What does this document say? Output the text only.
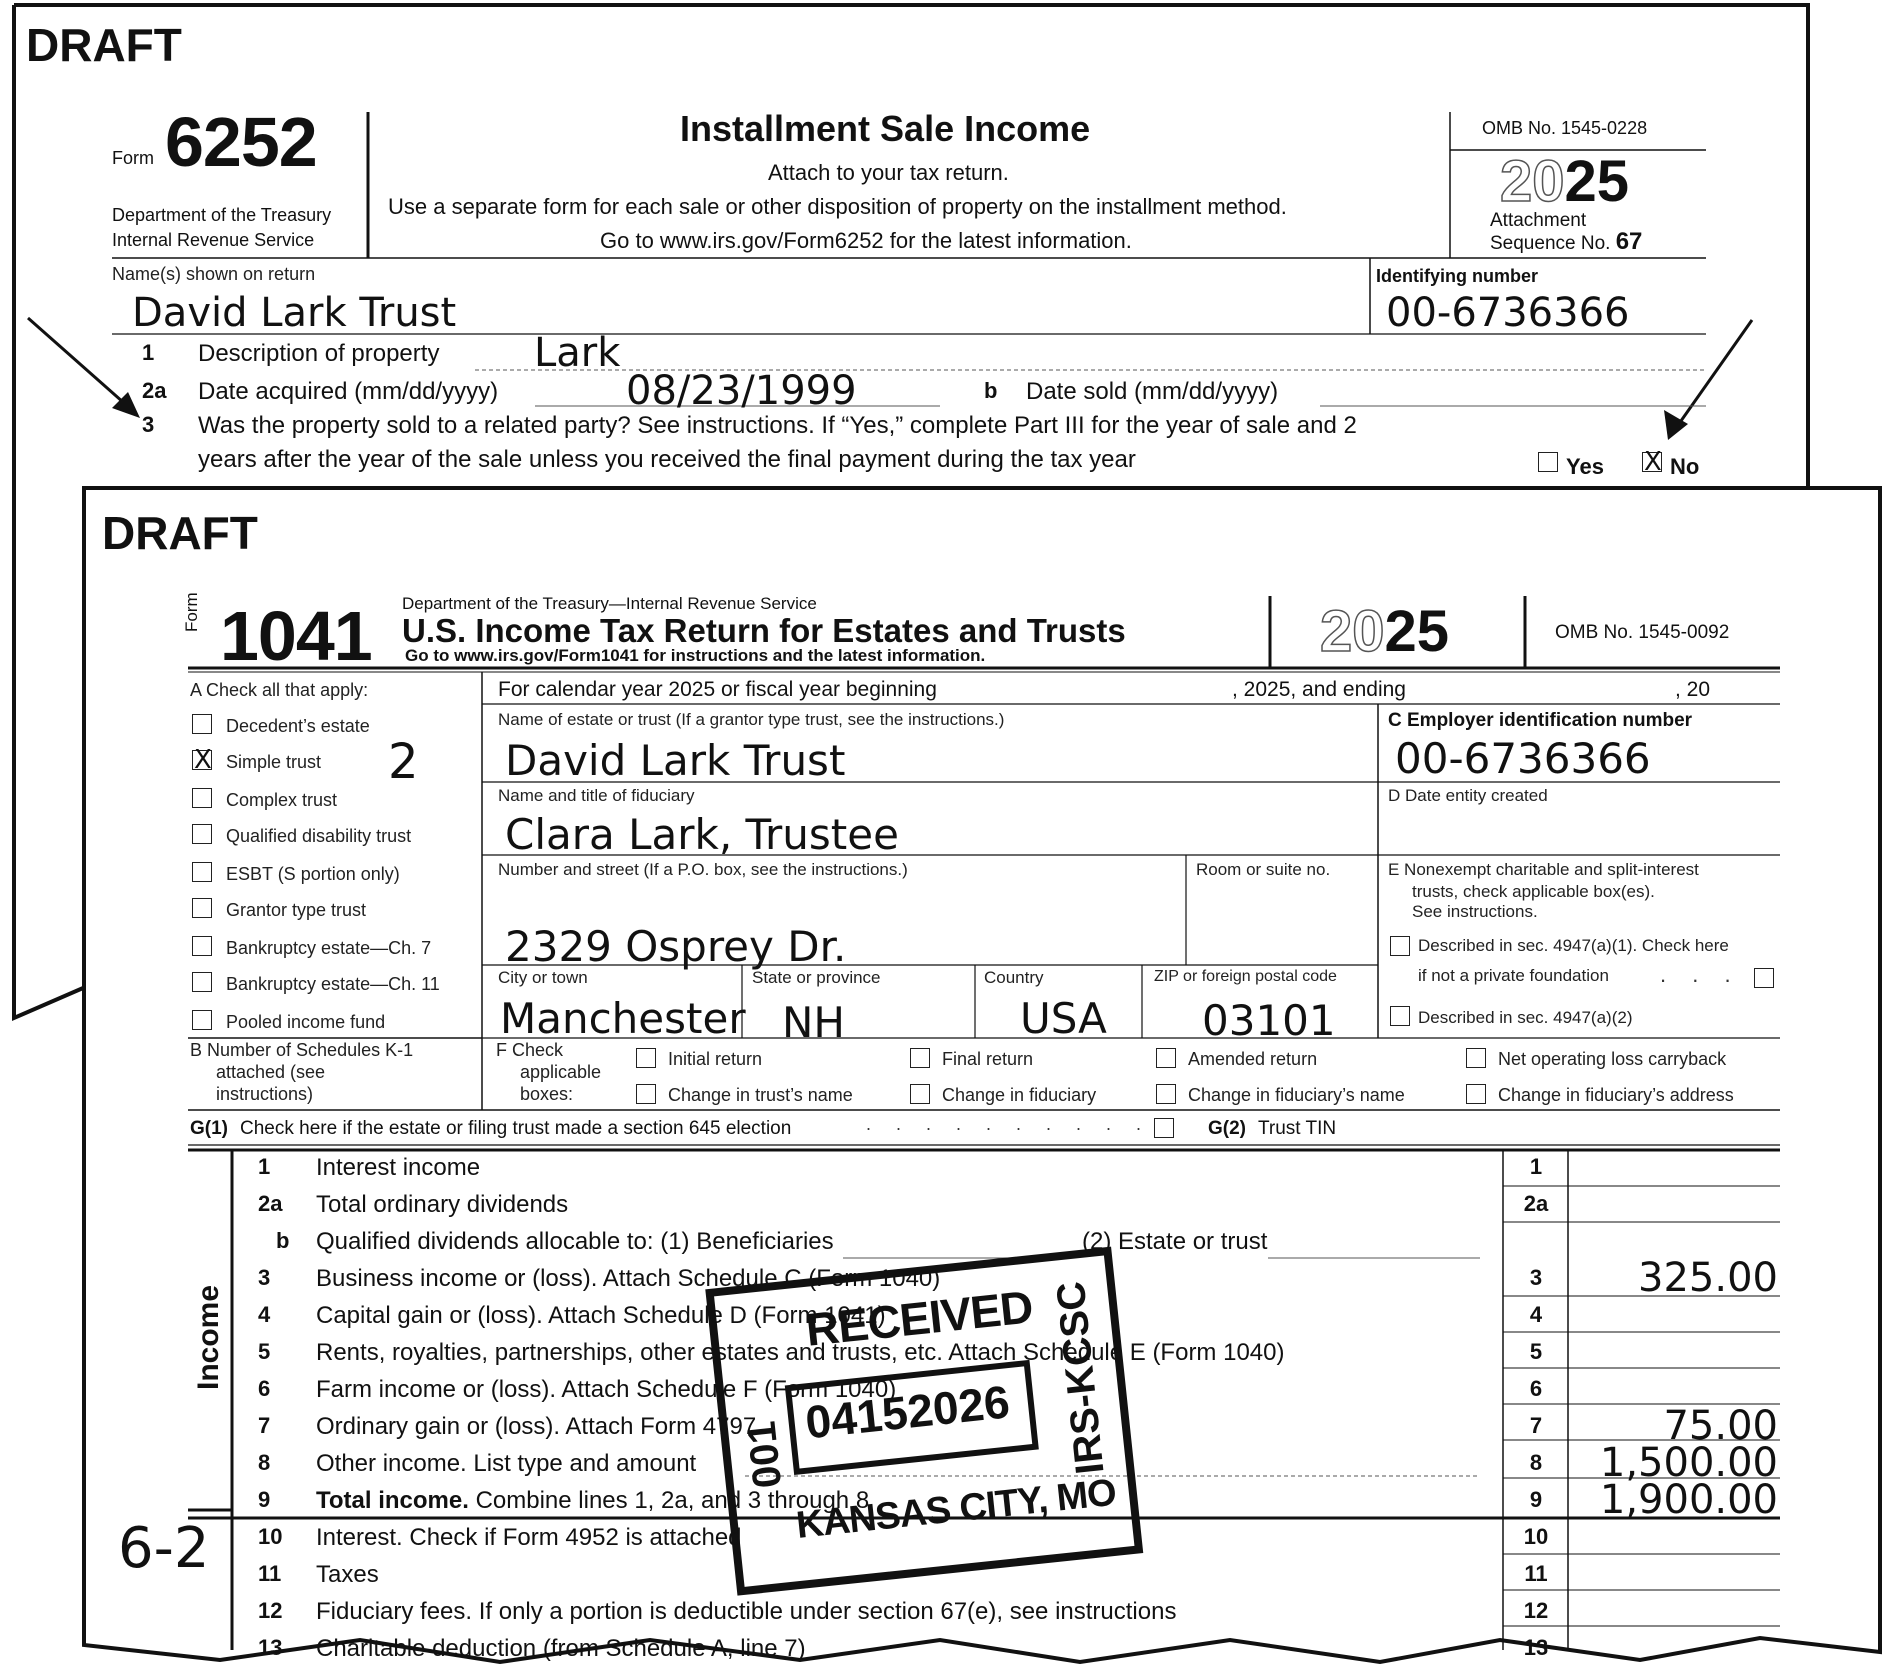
DRAFT
Form 6252
Department of the Treasury
Internal Revenue Service
Installment Sale Income
Attach to your tax return.
Use a separate form for each sale or other disposition of property on the installment method.
Go to www.irs.gov/Form6252 for the latest information.
OMB No. 1545-0228
2025
Attachment
Sequence No. 67
Name(s) shown on return
David Lark Trust
Identifying number
00-6736366
1 Description of property Lark
2a Date acquired (mm/dd/yyyy)	08/23/1999	b Date sold (mm/dd/yyyy)
3 Was the property sold to a related party? See instructions. If “Yes,” complete Part III for the year of sale and 2
years after the year of the sale unless you received the final payment during the tax year	Yes X	No
DRAFT
Form 1041 Department of the Treasury—Internal Revenue Service
U.S. Income Tax Return for Estates and Trusts
Go to www.irs.gov/Form1041 for instructions and the latest information.	2025	OMB No. 1545-0092
A Check all that apply:
Decedent’s estate
X
Simple trust
Complex trust
Qualified disability trust
ESBT (S portion only)
Grantor type trust
Bankruptcy estate—Ch. 7
Bankruptcy estate—Ch. 11
Pooled income fund
2
B Number of Schedules K-1
attached (see
instructions)
For calendar year 2025 or fiscal year beginning	, 2025, and ending	, 20
Name of estate or trust (If a grantor type trust, see the instructions.)
David Lark Trust
C Employer identification number
00-6736366
Name and title of fiduciary
Clara Lark, Trustee
D Date entity created
Number and street (If a P.O. box, see the instructions.)	Room or suite no.
2329 Osprey Dr.
E Nonexempt charitable and split-interest
trusts, check applicable box(es).
See instructions.
Described in sec. 4947(a)(1). Check here
if not a private foundation . . .
Described in sec. 4947(a)(2)
City or town
Manchester
State or province
NH
Country
USA
ZIP or foreign postal code
03101
F Check
applicable
boxes:
Initial return	Final return	Amended return	Net operating loss carryback
Change in trust’s name	Change in fiduciary	Change in fiduciary’s name	Change in fiduciary’s address
G(1) Check here if the estate or filing trust made a section 645 election	. . . . . . . . . .	G(2) Trust TIN
Income
6-2
1 Interest income	1
2a Total ordinary dividends	2a
b Qualified dividends allocable to: (1) Beneficiaries	(2) Estate or trust
3 Business income or (loss). Attach Schedule C (Form 1040)	3	325.00
4 Capital gain or (loss). Attach Schedule D (Form 1041)	4
5 Rents, royalties, partnerships, other estates and trusts, etc. Attach Schedule E (Form 1040)	5
6 Farm income or (loss). Attach Schedule F (Form 1040)	6
7 Ordinary gain or (loss). Attach Form 4797	7	75.00
8 Other income. List type and amount	8	1,500.00
9 Total income. Combine lines 1, 2a, and 3 through 8	9	1,900.00
10 Interest. Check if Form 4952 is attached	10
11 Taxes	11
12 Fiduciary fees. If only a portion is deductible under section 67(e), see instructions	12
13 Charitable deduction (from Schedule A, line 7)	13
RECEIVED
04152026
KANSAS CITY, MO
001	IRS-KCSC
